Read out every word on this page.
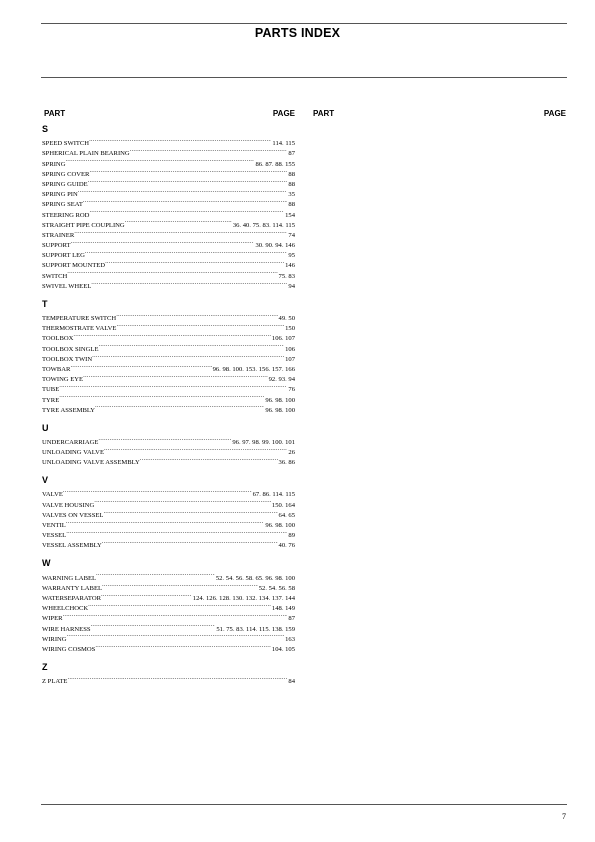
PARTS INDEX
PART	PAGE PART	PAGE
S
SPEED SWITCH .....	114, 115
SPHERICAL PLAIN BEARING .....	87
SPRING .....	86, 87, 88, 155
SPRING COVER .....	88
SPRING GUIDE .....	88
SPRING PIN .....	35
SPRING SEAT .....	88
STEERING ROD .....	154
STRAIGHT PIPE COUPLING .....	36, 40, 75, 83, 114, 115
STRAINER .....	74
SUPPORT .....	30, 90, 94, 146
SUPPORT LEG .....	95
SUPPORT MOUNTED .....	146
SWITCH .....	75, 83
SWIVEL WHEEL .....	94
T
TEMPERATURE SWITCH .....	49, 50
THERMOSTRATE VALVE .....	150
TOOLBOX .....	106, 107
TOOLBOX SINGLE .....	106
TOOLBOX TWIN .....	107
TOWBAR .....	96, 98, 100, 153, 156, 157, 166
TOWING EYE .....	92, 93, 94
TUBE .....	76
TYRE .....	96, 98, 100
TYRE ASSEMBLY .....	96, 98, 100
U
UNDERCARRIAGE .....	96, 97, 98, 99, 100, 101
UNLOADING VALVE .....	26
UNLOADING VALVE ASSEMBLY .....	36, 86
V
VALVE .....	67, 86, 114, 115
VALVE HOUSING .....	150, 164
VALVES ON VESSEL .....	64, 65
VENTIL .....	96, 98, 100
VESSEL .....	89
VESSEL ASSEMBLY .....	40, 76
W
WARNING LABEL .....	52, 54, 56, 58, 65, 96, 98, 100
WARRANTY LABEL .....	52, 54, 56, 58
WATERSEPARATOR .....	124, 126, 128, 130, 132, 134, 137, 144
WHEELCHOCK .....	148, 149
WIPER .....	87
WIRE HARNESS .....	51, 75, 83, 114, 115, 138, 159
WIRING .....	163
WIRING COSMOS .....	104, 105
Z
Z PLATE .....	84
7
